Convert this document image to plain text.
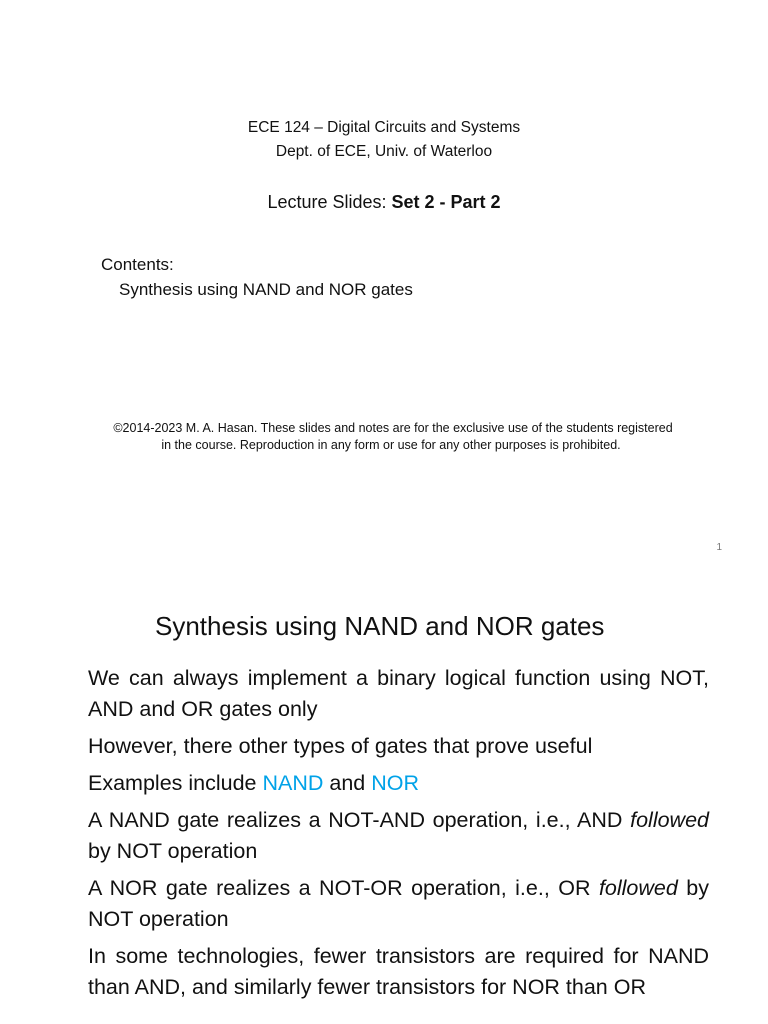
ECE 124 – Digital Circuits and Systems
Dept. of ECE, Univ. of Waterloo
Lecture Slides: Set 2 - Part 2
Contents:
Synthesis using NAND and NOR gates
©2014-2023 M. A. Hasan. These slides and notes are for the exclusive use of the students registered
in the course. Reproduction in any form or use for any other purposes is prohibited.
1
Synthesis using NAND and NOR gates

We can always implement a binary logical function using NOT, AND and OR gates only

However, there other types of gates that prove useful

Examples include NAND and NOR

A NAND gate realizes a NOT-AND operation, i.e., AND followed by NOT operation

A NOR gate realizes a NOT-OR operation, i.e., OR followed by NOT operation

In some technologies, fewer transistors are required for NAND than AND, and similarly fewer transistors for NOR than OR
